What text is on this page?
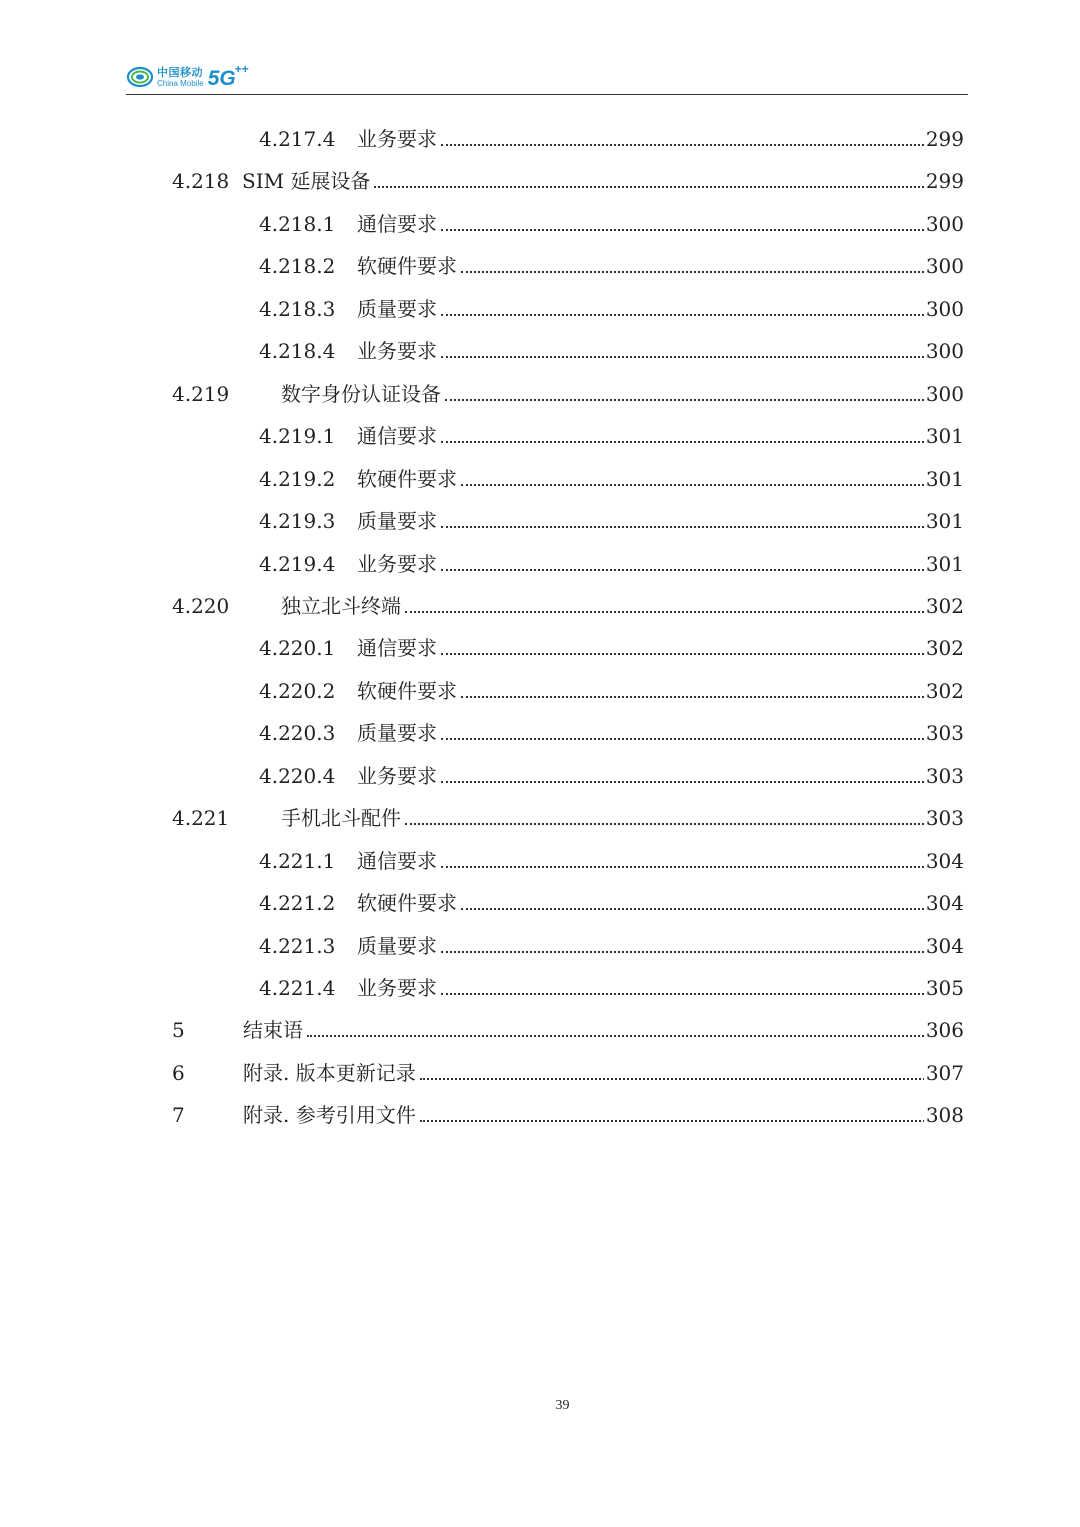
中国移动
China Mobile 5G ++
4.217.4 业务要求	299
4.218 SIM 延展设备	299
4.218.1 通信要求	300
4.218.2 软硬件要求	300
4.218.3 质量要求	300
4.218.4 业务要求	300
4.219	数字身份认证设备	300
4.219.1 通信要求	301
4.219.2 软硬件要求	301
4.219.3 质量要求	301
4.219.4 业务要求	301
4.220	独立北斗终端	302
4.220.1 通信要求	302
4.220.2 软硬件要求	302
4.220.3 质量要求	303
4.220.4 业务要求	303
4.221	手机北斗配件	303
4.221.1 通信要求	304
4.221.2 软硬件要求	304
4.221.3 质量要求	304
4.221.4 业务要求	305
5	结束语	306
6	附录. 版本更新记录	307
7	附录. 参考引用文件	308
39
